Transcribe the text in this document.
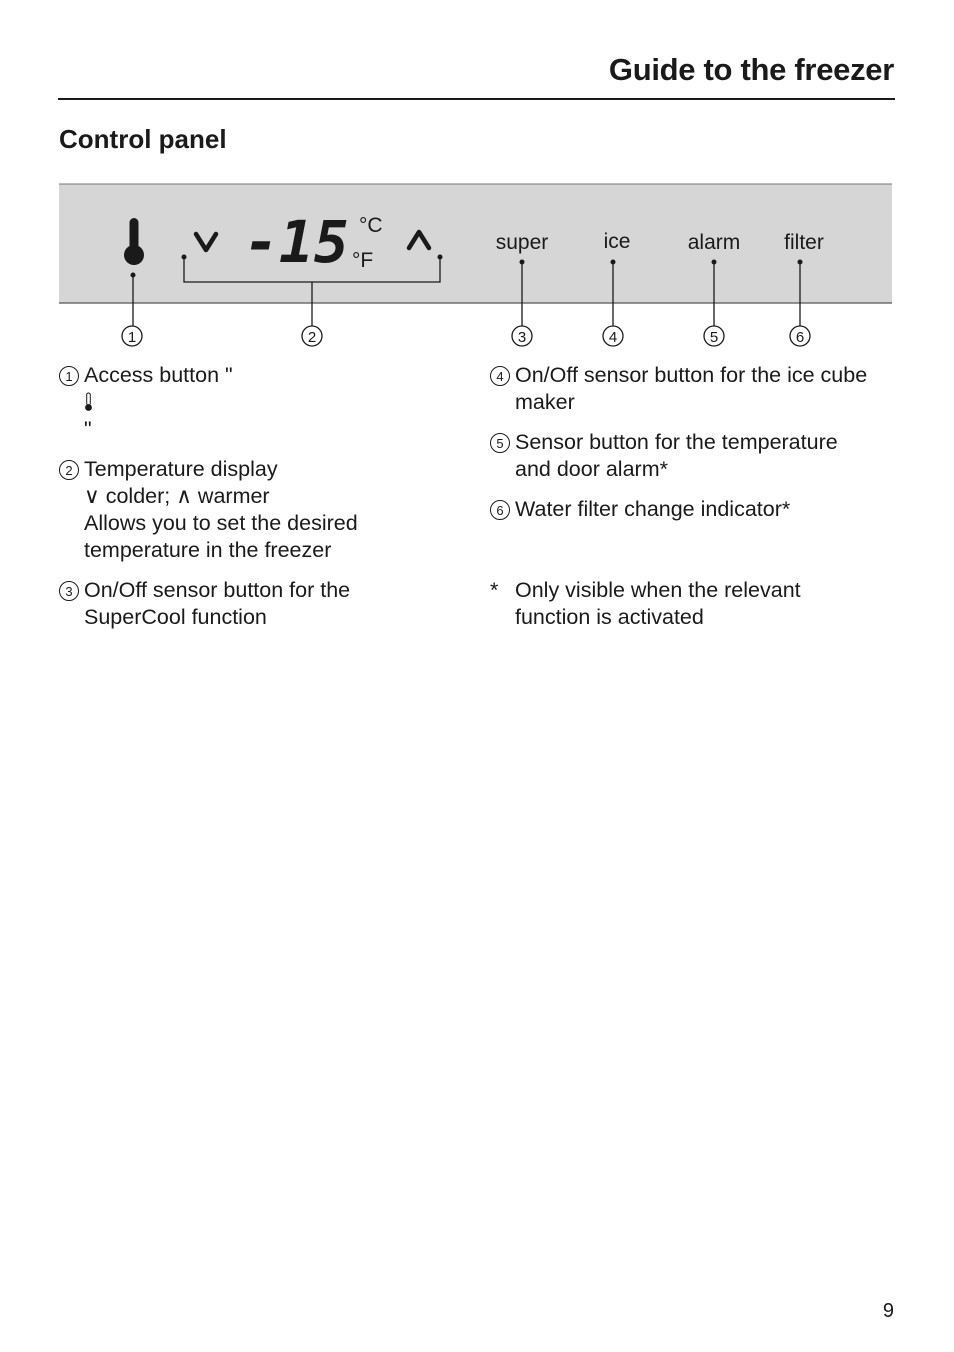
Guide to the freezer
Control panel
-15 °C
°F
super	ice	alarm filter
1	2	3	4	5	6
1 Access button "
"
2 Temperature display
∨ colder; ∧ warmer
Allows you to set the desired
temperature in the freezer
3 On/Off sensor button for the
SuperCool function
4 On/Off sensor button for the ice cube
maker
5 Sensor button for the temperature
and door alarm*
6 Water filter change indicator*
* Only visible when the relevant
function is activated
9
